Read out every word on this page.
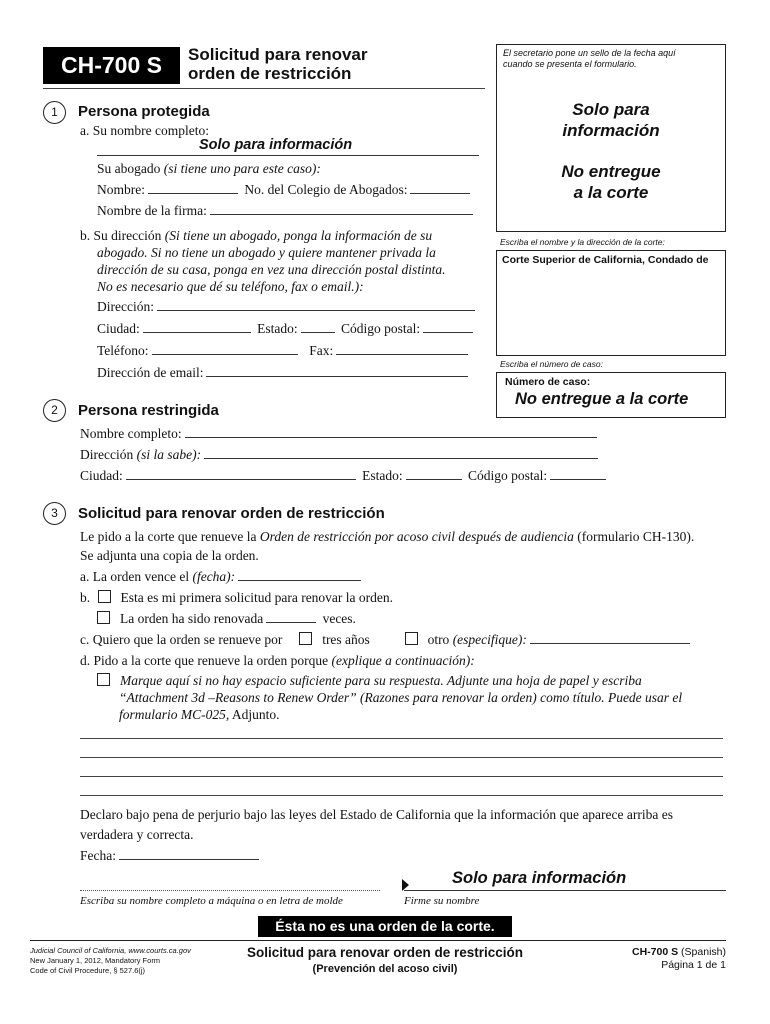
CH-700 S	Solicitud para renovar
orden de restricción
El secretario pone un sello de la fecha aquí
cuando se presenta el formulario.
Solo para
información
No entregue
a la corte
Escriba el nombre y la dirección de la corte:
Corte Superior de California, Condado de
Escriba el número de caso:
Número de caso:
No entregue a la corte
1	Persona protegida
a. Su nombre completo:
Solo para información
Su abogado (si tiene uno para este caso):
Nombre:	No. del Colegio de Abogados:
Nombre de la firma:
b. Su dirección (Si tiene un abogado, ponga la información de su
abogado. Si no tiene un abogado y quiere mantener privada la
dirección de su casa, ponga en vez una dirección postal distinta.
No es necesario que dé su teléfono, fax o email.):
Dirección:
Ciudad:	Estado:	Código postal:
Teléfono:	Fax:
Dirección de email:
2	Persona restringida
Nombre completo:
Dirección (si la sabe):
Ciudad:	Estado:	Código postal:
3	Solicitud para renovar orden de restricción
Le pido a la corte que renueve la Orden de restricción por acoso civil después de audiencia (formulario CH-130).
Se adjunta una copia de la orden.
a. La orden vence el (fecha):
b. Esta es mi primera solicitud para renovar la orden.
La orden ha sido renovada	veces.
c. Quiero que la orden se renueve por	tres años	otro (especifique):
d. Pido a la corte que renueve la orden porque (explique a continuación):
Marque aquí si no hay espacio suficiente para su respuesta. Adjunte una hoja de papel y escriba
“Attachment 3d –Reasons to Renew Order” (Razones para renovar la orden) como título. Puede usar el
formulario MC-025, Adjunto.
Declaro bajo pena de perjurio bajo las leyes del Estado de California que la información que aparece arriba es
verdadera y correcta.
Fecha:
Solo para información
Escriba su nombre completo a máquina o en letra de molde	Firme su nombre
Ésta no es una orden de la corte.
Judicial Council of California, www.courts.ca.gov
New January 1, 2012, Mandatory Form
Code of Civil Procedure, § 527.6(j)
Solicitud para renovar orden de restricción
(Prevención del acoso civil)
CH-700 S (Spanish)
Página 1 de 1
